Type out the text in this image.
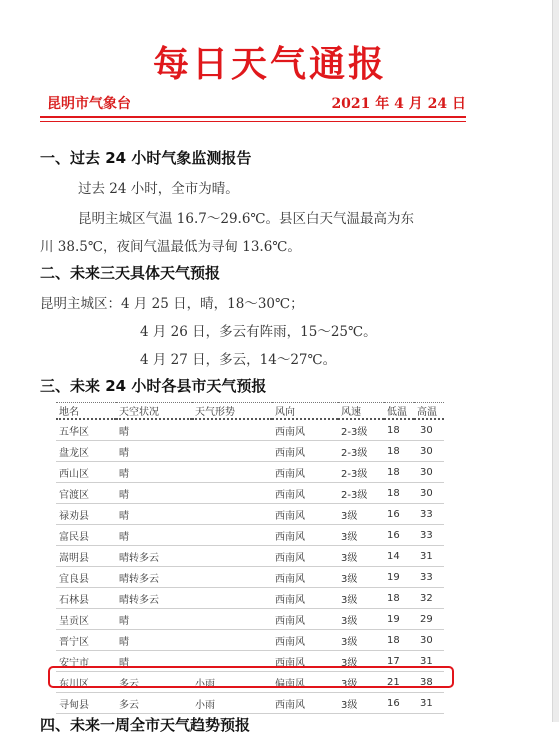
每日天气通报
昆明市气象台	2021 年 4 月 24 日
一、过去 24 小时气象监测报告
过去 24 小时，全市为晴。
昆明主城区气温 16.7～29.6℃。县区白天气温最高为东
川 38.5℃，夜间气温最低为寻甸 13.6℃。
二、未来三天具体天气预报
昆明主城区：4 月 25 日，晴，18～30℃；
4 月 26 日，多云有阵雨，15～25℃。
4 月 27 日，多云，14～27℃。
三、未来 24 小时各县市天气预报
地名	天空状况	天气形势	风向	风速	低温	高温
五华区	晴		西南风	2-3级	18	30
盘龙区	晴		西南风	2-3级	18	30
西山区	晴		西南风	2-3级	18	30
官渡区	晴		西南风	2-3级	18	30
禄劝县	晴		西南风	3级	16	33
富民县	晴		西南风	3级	16	33
嵩明县	晴转多云		西南风	3级	14	31
宜良县	晴转多云		西南风	3级	19	33
石林县	晴转多云		西南风	3级	18	32
呈贡区	晴		西南风	3级	19	29
晋宁区	晴		西南风	3级	18	30
安宁市	晴		西南风	3级	17	31
东川区	多云	小雨	偏南风	3级	21	38
寻甸县	多云	小雨	西南风	3级	16	31
四、未来一周全市天气趋势预报
